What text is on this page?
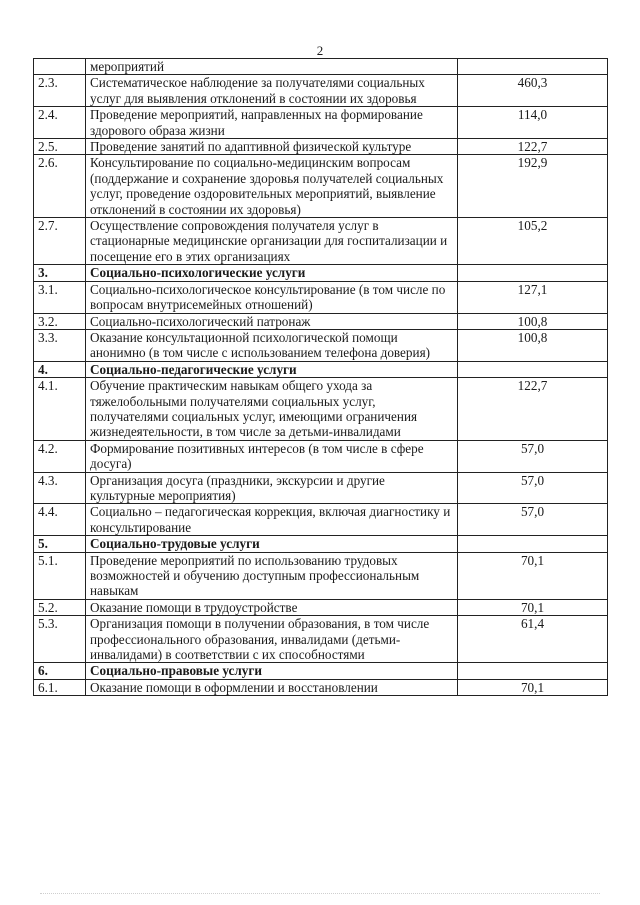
2
	мероприятий	
2.3.	Систематическое наблюдение за получателями социальных услуг для выявления отклонений в состоянии их здоровья	460,3
2.4.	Проведение мероприятий, направленных на формирование здорового образа жизни	114,0
2.5.	Проведение занятий по адаптивной физической культуре	122,7
2.6.	Консультирование по социально-медицинским вопросам (поддержание и сохранение здоровья получателей социальных услуг, проведение оздоровительных мероприятий, выявление отклонений в состоянии их здоровья)	192,9
2.7.	Осуществление сопровождения получателя услуг в стационарные медицинские организации для госпитализации и посещение его в этих организациях	105,2
3.	Социально-психологические услуги	
3.1.	Социально-психологическое консультирование (в том числе по вопросам внутрисемейных отношений)	127,1
3.2.	Социально-психологический патронаж	100,8
3.3.	Оказание консультационной психологической помощи анонимно (в том числе с использованием телефона доверия)	100,8
4.	Социально-педагогические услуги	
4.1.	Обучение практическим навыкам общего ухода за тяжелобольными получателями социальных услуг, получателями социальных услуг, имеющими ограничения жизнедеятельности, в том числе за детьми-инвалидами	122,7
4.2.	Формирование позитивных интересов (в том числе в сфере досуга)	57,0
4.3.	Организация досуга (праздники, экскурсии и другие культурные мероприятия)	57,0
4.4.	Социально – педагогическая коррекция, включая диагностику и консультирование	57,0
5.	Социально-трудовые услуги	
5.1.	Проведение мероприятий по использованию трудовых возможностей и обучению доступным профессиональным навыкам	70,1
5.2.	Оказание помощи в трудоустройстве	70,1
5.3.	Организация помощи в получении образования, в том числе профессионального образования, инвалидами (детьми-инвалидами) в соответствии с их способностями	61,4
6.	Социально-правовые услуги	
6.1.	Оказание помощи в оформлении и восстановлении	70,1
